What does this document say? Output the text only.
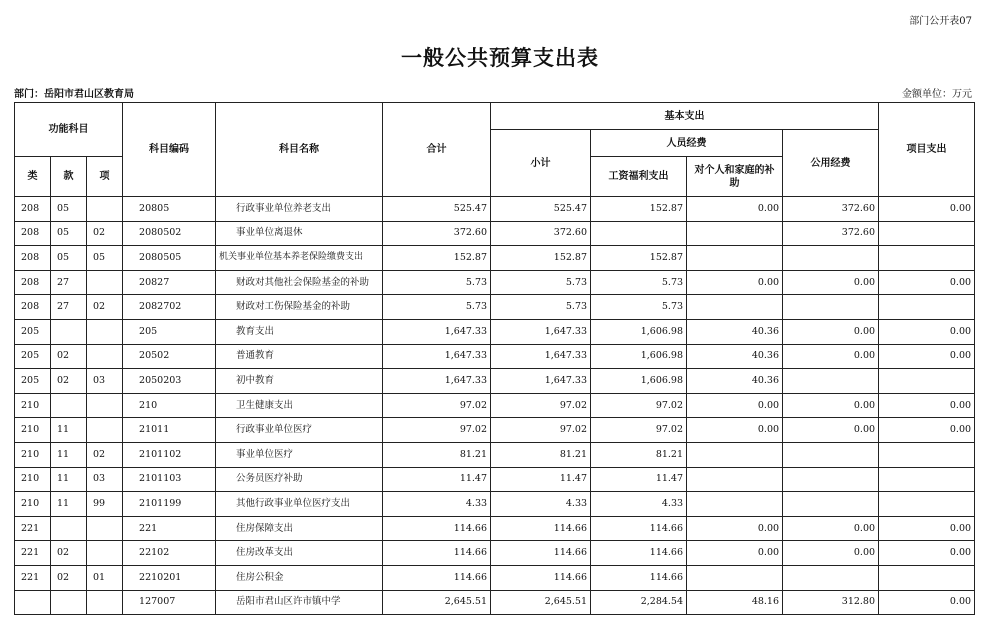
部门公开表07
一般公共预算支出表
部门：岳阳市君山区教育局	金额单位：万元
功能科目			科目编码	科目名称	合计	基本支出				项目支出
						小计	人员经费		公用经费	
类	款	项					工资福利支出	对个人和家庭的补助		
208	05		20805	行政事业单位养老支出	525.47	525.47	152.87	0.00	372.60	0.00
208	05	02	2080502	事业单位离退休	372.60	372.60			372.60	
208	05	05	2080505	机关事业单位基本养老保险缴费支出	152.87	152.87	152.87			
208	27		20827	财政对其他社会保险基金的补助	5.73	5.73	5.73	0.00	0.00	0.00
208	27	02	2082702	财政对工伤保险基金的补助	5.73	5.73	5.73			
205			205	教育支出	1,647.33	1,647.33	1,606.98	40.36	0.00	0.00
205	02		20502	普通教育	1,647.33	1,647.33	1,606.98	40.36	0.00	0.00
205	02	03	2050203	初中教育	1,647.33	1,647.33	1,606.98	40.36		
210			210	卫生健康支出	97.02	97.02	97.02	0.00	0.00	0.00
210	11		21011	行政事业单位医疗	97.02	97.02	97.02	0.00	0.00	0.00
210	11	02	2101102	事业单位医疗	81.21	81.21	81.21			
210	11	03	2101103	公务员医疗补助	11.47	11.47	11.47			
210	11	99	2101199	其他行政事业单位医疗支出	4.33	4.33	4.33			
221			221	住房保障支出	114.66	114.66	114.66	0.00	0.00	0.00
221	02		22102	住房改革支出	114.66	114.66	114.66	0.00	0.00	0.00
221	02	01	2210201	住房公积金	114.66	114.66	114.66			
			127007	岳阳市君山区许市镇中学	2,645.51	2,645.51	2,284.54	48.16	312.80	0.00
